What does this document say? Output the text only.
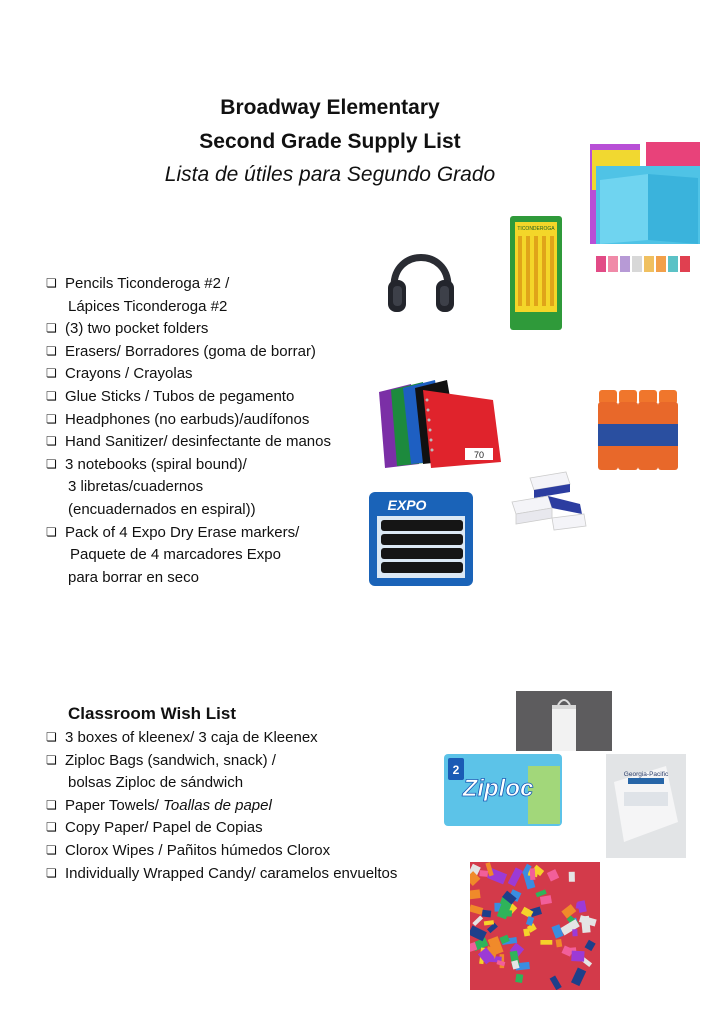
Broadway Elementary
Second Grade Supply List
Lista de útiles para Segundo Grado
❏ Pencils Ticonderoga #2 /
Lápices Ticonderoga #2
❏ (3) two pocket folders
❏ Erasers/ Borradores (goma de borrar)
❏ Crayons / Crayolas
❏ Glue Sticks / Tubos de pegamento
❏ Headphones (no earbuds)/audífonos
❏ Hand Sanitizer/ desinfectante de manos
❏ 3 notebooks (spiral bound)/
3 libretas/cuadernos
(encuadernados en espiral))
❏ Pack of 4 Expo Dry Erase markers/
Paquete de 4 marcadores Expo
para borrar en seco
Classroom Wish List
❏ 3 boxes of kleenex/ 3 caja de Kleenex
❏ Ziploc Bags (sandwich, snack) /
bolsas Ziploc de sándwich
❏ Paper Towels/ Toallas de papel
❏ Copy Paper/ Papel de Copias
❏ Clorox Wipes / Pañitos húmedos Clorox
❏ Individually Wrapped Candy/ caramelos envueltos
TICONDEROGA
70
EXPO
2
Ziploc
Georgia-Pacific
